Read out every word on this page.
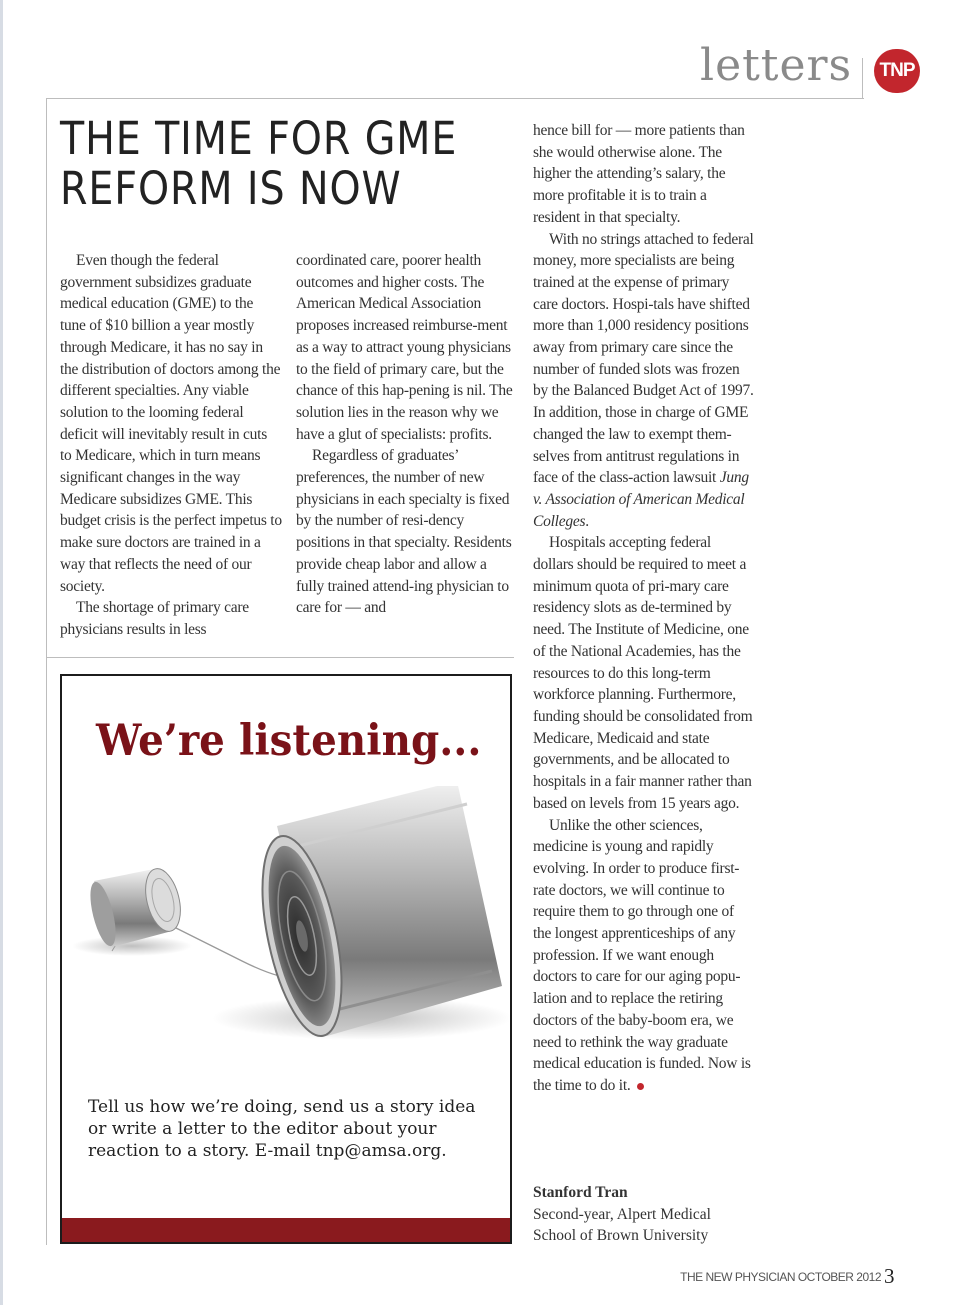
letters TNP
THE TIME FOR GME
REFORM IS NOW

Even though the federal government subsidizes graduate medical education (GME) to the tune of $10 billion a year mostly through Medicare, it has no say in the distribution of doctors among the different specialties. Any viable solution to the looming federal deficit will inevitably result in cuts to Medicare, which in turn means significant changes in the way Medicare subsidizes GME. This budget crisis is the perfect impetus to make sure doctors are trained in a way that reflects the need of our society.

The shortage of primary care physicians results in less

coordinated care, poorer health outcomes and higher costs. The American Medical Association proposes increased reimburse-ment as a way to attract young physicians to the field of primary care, but the chance of this hap-pening is nil. The solution lies in the reason why we have a glut of specialists: profits.

Regardless of graduates’ preferences, the number of new physicians in each specialty is fixed by the number of resi-dency positions in that specialty. Residents provide cheap labor and allow a fully trained attend-ing physician to care for — and

hence bill for — more patients than she would otherwise alone. The higher the attending’s salary, the more profitable it is to train a resident in that specialty.

With no strings attached to federal money, more specialists are being trained at the expense of primary care doctors. Hospi-tals have shifted more than 1,000 residency positions away from primary care since the number of funded slots was frozen by the Balanced Budget Act of 1997. In addition, those in charge of GME changed the law to exempt them-selves from antitrust regulations in face of the class-action lawsuit Jung v. Association of American Medical Colleges.

Hospitals accepting federal dollars should be required to meet a minimum quota of pri-mary care residency slots as de-termined by need. The Institute of Medicine, one of the National Academies, has the resources to do this long-term workforce planning. Furthermore, funding should be consolidated from Medicare, Medicaid and state governments, and be allocated to hospitals in a fair manner rather than based on levels from 15 years ago.

Unlike the other sciences, medicine is young and rapidly evolving. In order to produce first-rate doctors, we will continue to require them to go through one of the longest apprenticeships of any profession. If we want enough doctors to care for our aging popu-lation and to replace the retiring doctors of the baby-boom era, we need to rethink the way graduate medical education is funded. Now is the time to do it.

Stanford Tran
Second-year, Alpert Medical
School of Brown University
We’re listening...

Tell us how we’re doing, send us a story idea
or write a letter to the editor about your
reaction to a story. E-mail tnp@amsa.org.

THE NEW PHYSICIAN OCTOBER 2012 3
